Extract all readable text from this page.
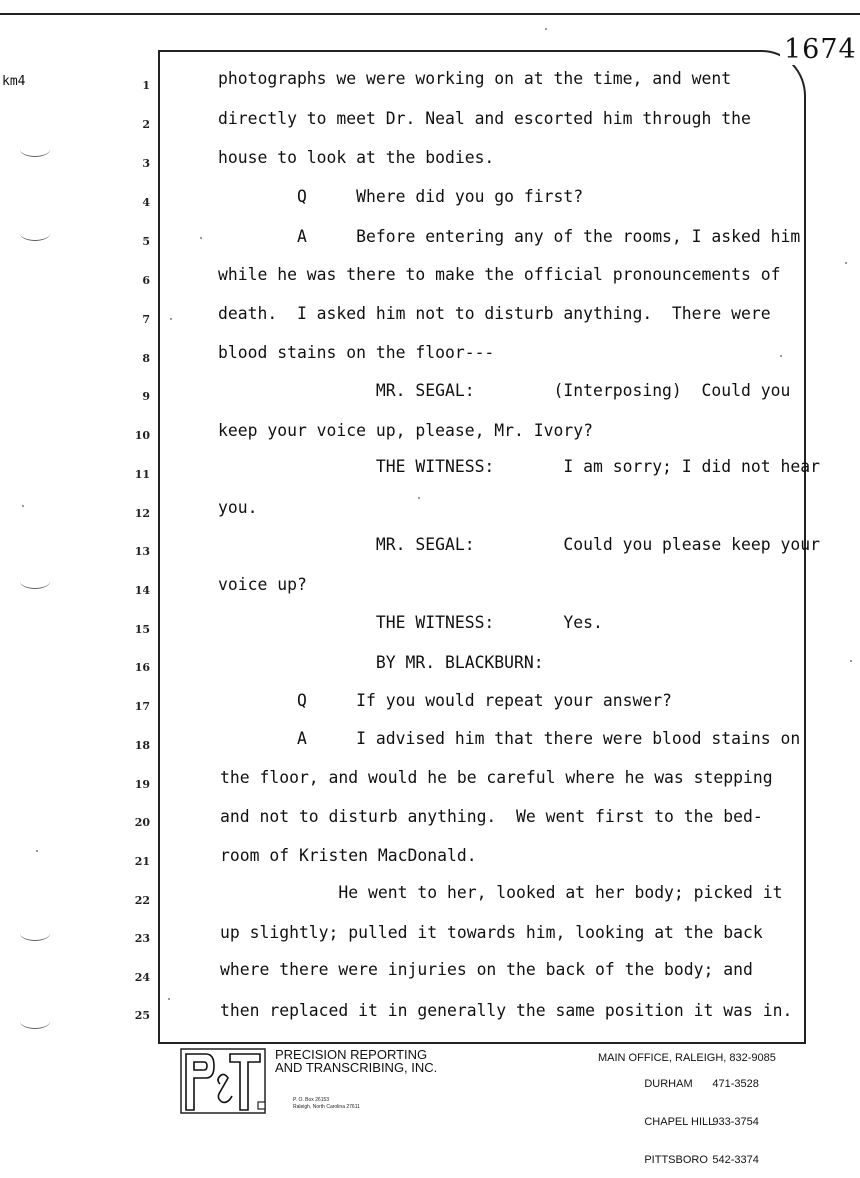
km4
1674
1	photographs we were working on at the time, and went
2	directly to meet Dr. Neal and escorted him through the
3	house to look at the bodies.
4	Q     Where did you go first?
5	A     Before entering any of the rooms, I asked him
6	while he was there to make the official pronouncements of
7	death.  I asked him not to disturb anything.  There were
8	blood stains on the floor---
9	MR. SEGAL:        (Interposing)  Could you
10	keep your voice up, please, Mr. Ivory?
11	THE WITNESS:       I am sorry; I did not hear
12	you.
13	MR. SEGAL:         Could you please keep your
14	voice up?
15	THE WITNESS:       Yes.
16	BY MR. BLACKBURN:
17	Q     If you would repeat your answer?
18	A     I advised him that there were blood stains on
19	the floor, and would he be careful where he was stepping
20	and not to disturb anything.  We went first to the bed-
21	room of Kristen MacDonald.
22	He went to her, looked at her body; picked it
23	up slightly; pulled it towards him, looking at the back
24	where there were injuries on the back of the body; and
25	then replaced it in generally the same position it was in.
PRECISION REPORTING
AND TRANSCRIBING, INC.
P. O. Box 26153
Raleigh, North Carolina 27611
MAIN OFFICE, RALEIGH, 832-9085

DURHAM 471-3528

CHAPEL HILL933-3754

PITTSBORO 542-3374
